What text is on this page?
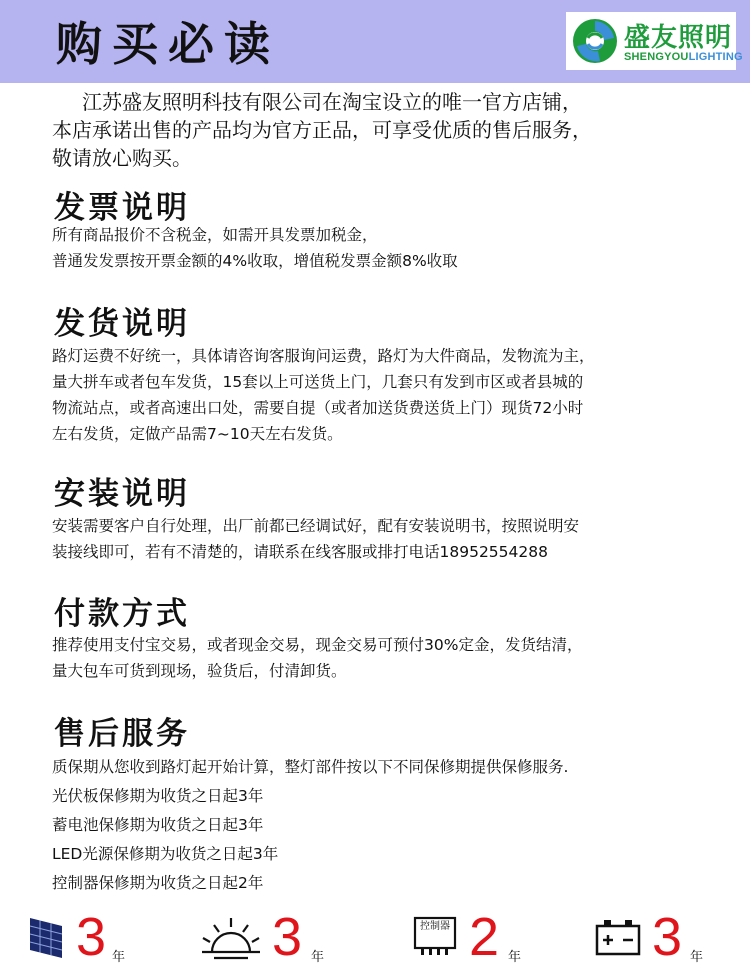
购买必读	盛友照明
SHENGYOULIGHTING

江苏盛友照明科技有限公司在淘宝设立的唯一官方店铺，

本店承诺出售的产品均为官方正品，可享受优质的售后服务，

敬请放心购买。

发票说明

所有商品报价不含税金，如需开具发票加税金，

普通发发票按开票金额的4%收取，增值税发票金额8%收取

发货说明

路灯运费不好统一，具体请咨询客服询问运费，路灯为大件商品，发物流为主，

量大拼车或者包车发货，15套以上可送货上门，几套只有发到市区或者县城的

物流站点，或者高速出口处，需要自提（或者加送货费送货上门）现货72小时

左右发货，定做产品需7~10天左右发货。

安装说明

安装需要客户自行处理，出厂前都已经调试好，配有安装说明书，按照说明安

装接线即可，若有不清楚的，请联系在线客服或排打电话18952554288

付款方式

推荐使用支付宝交易，或者现金交易，现金交易可预付30%定金，发货结清，

量大包车可货到现场，验货后，付清卸货。

售后服务

质保期从您收到路灯起开始计算，整灯部件按以下不同保修期提供保修服务.

光伏板保修期为收货之日起3年

蓄电池保修期为收货之日起3年

LED光源保修期为收货之日起3年

控制器保修期为收货之日起2年

3 年	3 年
控制器 2 年 3 年
